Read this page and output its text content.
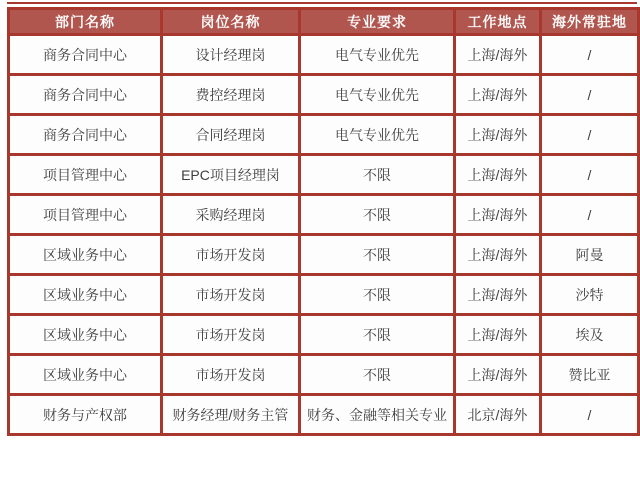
部门名称	岗位名称	专业要求	工作地点	海外常驻地
商务合同中心	设计经理岗	电气专业优先	上海/海外	/
商务合同中心	费控经理岗	电气专业优先	上海/海外	/
商务合同中心	合同经理岗	电气专业优先	上海/海外	/
项目管理中心	EPC项目经理岗	不限	上海/海外	/
项目管理中心	采购经理岗	不限	上海/海外	/
区域业务中心	市场开发岗	不限	上海/海外	阿曼
区域业务中心	市场开发岗	不限	上海/海外	沙特
区域业务中心	市场开发岗	不限	上海/海外	埃及
区域业务中心	市场开发岗	不限	上海/海外	赞比亚
财务与产权部	财务经理/财务主管	财务、金融等相关专业	北京/海外	/
